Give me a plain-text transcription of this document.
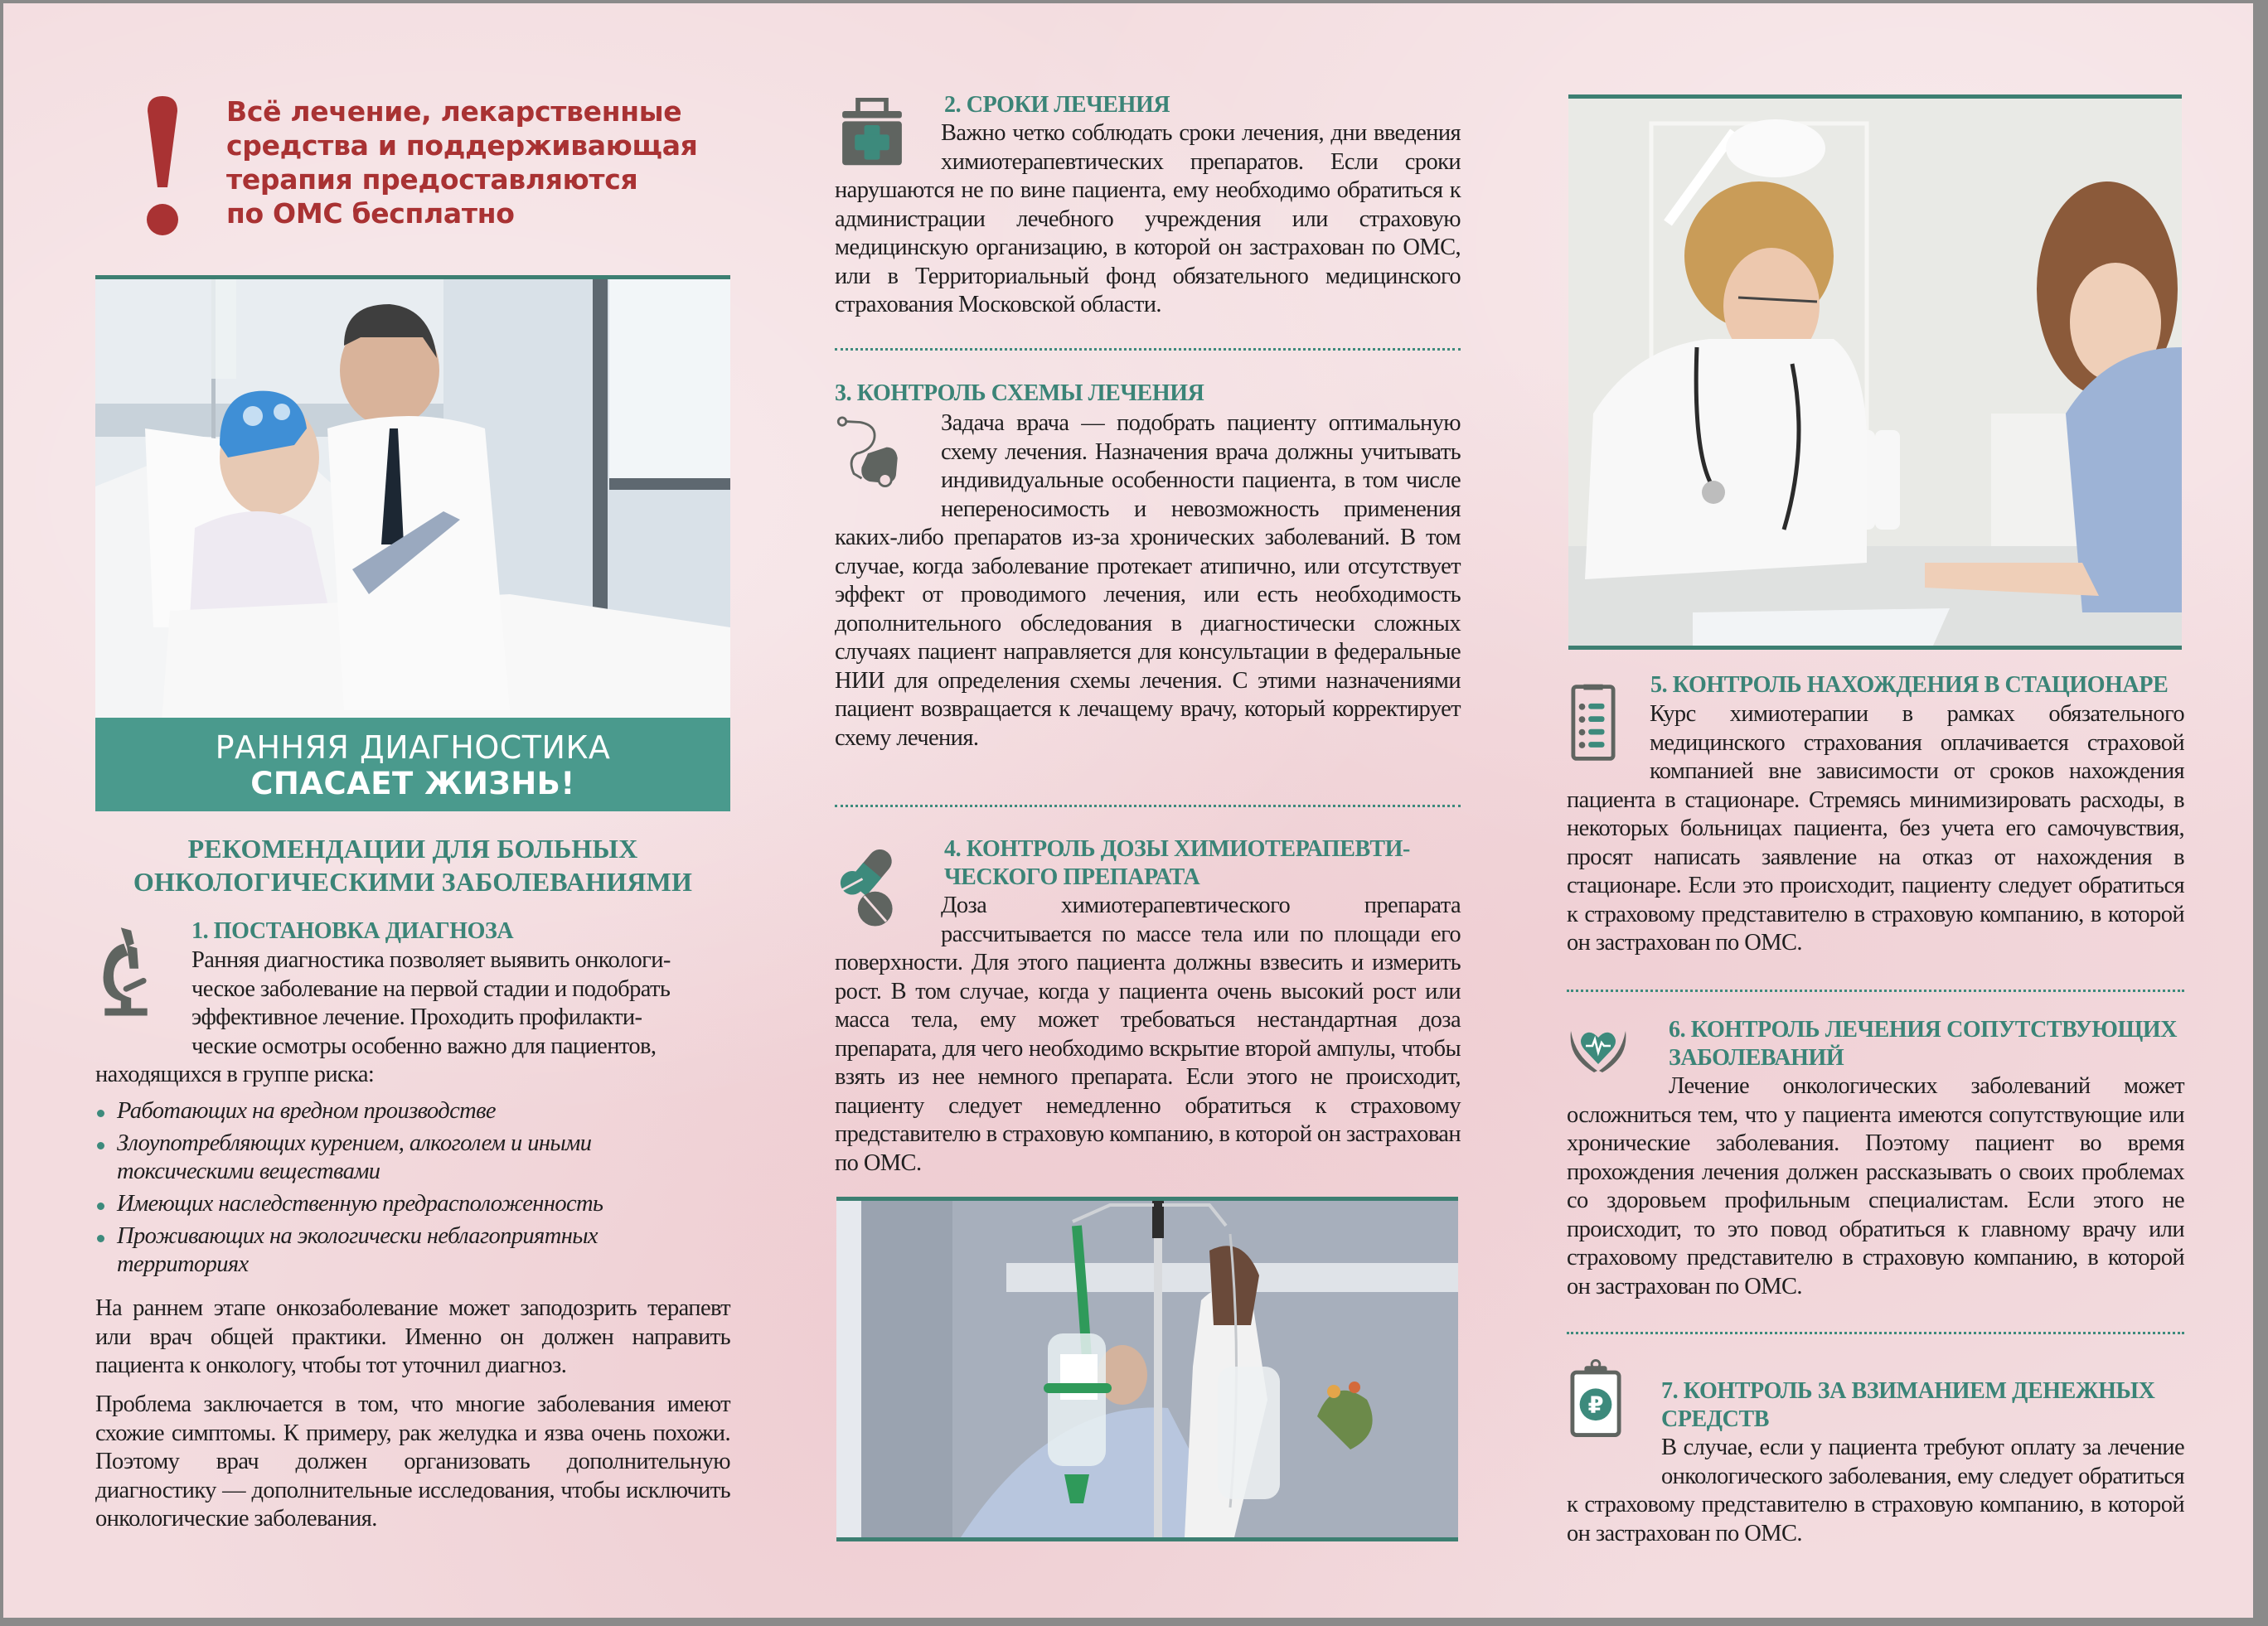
Всё лечение, лекарственные
средства и поддерживающая
терапия предоставляются
по ОМС бесплатно
РАННЯЯ ДИАГНОСТИКА
СПАСАЕТ ЖИЗНЬ!
РЕКОМЕНДАЦИИ ДЛЯ БОЛЬНЫХ
ОНКОЛОГИЧЕСКИМИ ЗАБОЛЕВАНИЯМИ
1. ПОСТАНОВКА ДИАГНОЗА

Ранняя диагностика позволяет выявить онкологи-

ческое заболевание на первой стадии и подобрать

эффективное лечение. Проходить профилакти-

ческие осмотры особенно важно для пациентов,

находящихся в группе риска:

Работающих на вредном производстве
Злоупотребляющих курением, алкоголем и иными токсическими веществами
Имеющих наследственную предрасположенность
Проживающих на экологически неблагоприятных территориях

На раннем этапе онкозаболевание может заподозрить терапевт или врач общей практики. Именно он должен направить пациента к онкологу, чтобы тот уточнил диагноз.

Проблема заключается в том, что многие заболевания имеют схожие симптомы. К примеру, рак желудка и язва очень похожи. Поэтому врач должен организовать дополнительную диагностику — дополнительные исследования, чтобы исключить онкологические заболевания.

2. СРОКИ ЛЕЧЕНИЯ

Важно четко соблюдать сроки лечения, дни введения химиотерапевтических препаратов. Если сроки нарушаются не по вине пациента, ему необходимо обратиться к администрации лечебного учреждения или страховую медицинскую организацию, в которой он застрахован по ОМС, или в Территориальный фонд обязательного медицинского страхования Московской области.

3. КОНТРОЛЬ СХЕМЫ ЛЕЧЕНИЯ

Задача врача — подобрать пациенту оптимальную схему лечения. Назначения врача должны учитывать индивидуальные особенности пациента, в том числе непереносимость и невозможность применения каких-либо препаратов из-за хронических заболеваний. В том случае, когда заболевание протекает атипично, или отсутствует эффект от проводимого лечения, или есть необходимость дополнительного обследования в диагностически сложных случаях пациент направляется для консультации в федеральные НИИ для определения схемы лечения. С этими назначениями пациент возвращается к лечащему врачу, который корректирует схему лечения.

4. КОНТРОЛЬ ДОЗЫ ХИМИОТЕРАПЕВТИ-
ЧЕСКОГО ПРЕПАРАТА

Доза химиотерапевтического препарата рассчитывается по массе тела или по площади его поверхности. Для этого пациента должны взвесить и измерить рост. В том случае, когда у пациента очень высокий рост или масса тела, ему может требоваться нестандартная доза препарата, для чего необходимо вскрытие второй ампулы, чтобы взять из нее немного препарата. Если этого не происходит, пациенту следует немедленно обратиться к страховому представителю в страховую компанию, в которой он застрахован по ОМС.

5. КОНТРОЛЬ НАХОЖДЕНИЯ В СТАЦИОНАРЕ

Курс химиотерапии в рамках обязательного медицинского страхования оплачивается страховой компанией вне зависимости от сроков нахождения пациента в стационаре. Стремясь минимизировать расходы, в некоторых больницах пациента, без учета его самочувствия, просят написать заявление на отказ от нахождения в стационаре. Если это происходит, пациенту следует обратиться к страховому представителю в страховую компанию, в которой он застрахован по ОМС.

6. КОНТРОЛЬ ЛЕЧЕНИЯ СОПУТСТВУЮЩИХ
ЗАБОЛЕВАНИЙ

Лечение онкологических заболеваний может осложниться тем, что у пациента имеются сопутствующие или хронические заболевания. Поэтому пациент во время прохождения лечения должен рассказывать о своих проблемах со здоровьем профильным специалистам. Если этого не происходит, то это повод обратиться к главному врачу или страховому представителю в страховую компанию, в которой он застрахован по ОМС.

₽
7. КОНТРОЛЬ ЗА ВЗИМАНИЕМ ДЕНЕЖНЫХ
СРЕДСТВ

В случае, если у пациента требуют оплату за лечение онкологического заболевания, ему следует обратиться к страховому представителю в страховую компанию, в которой он застрахован по ОМС.
